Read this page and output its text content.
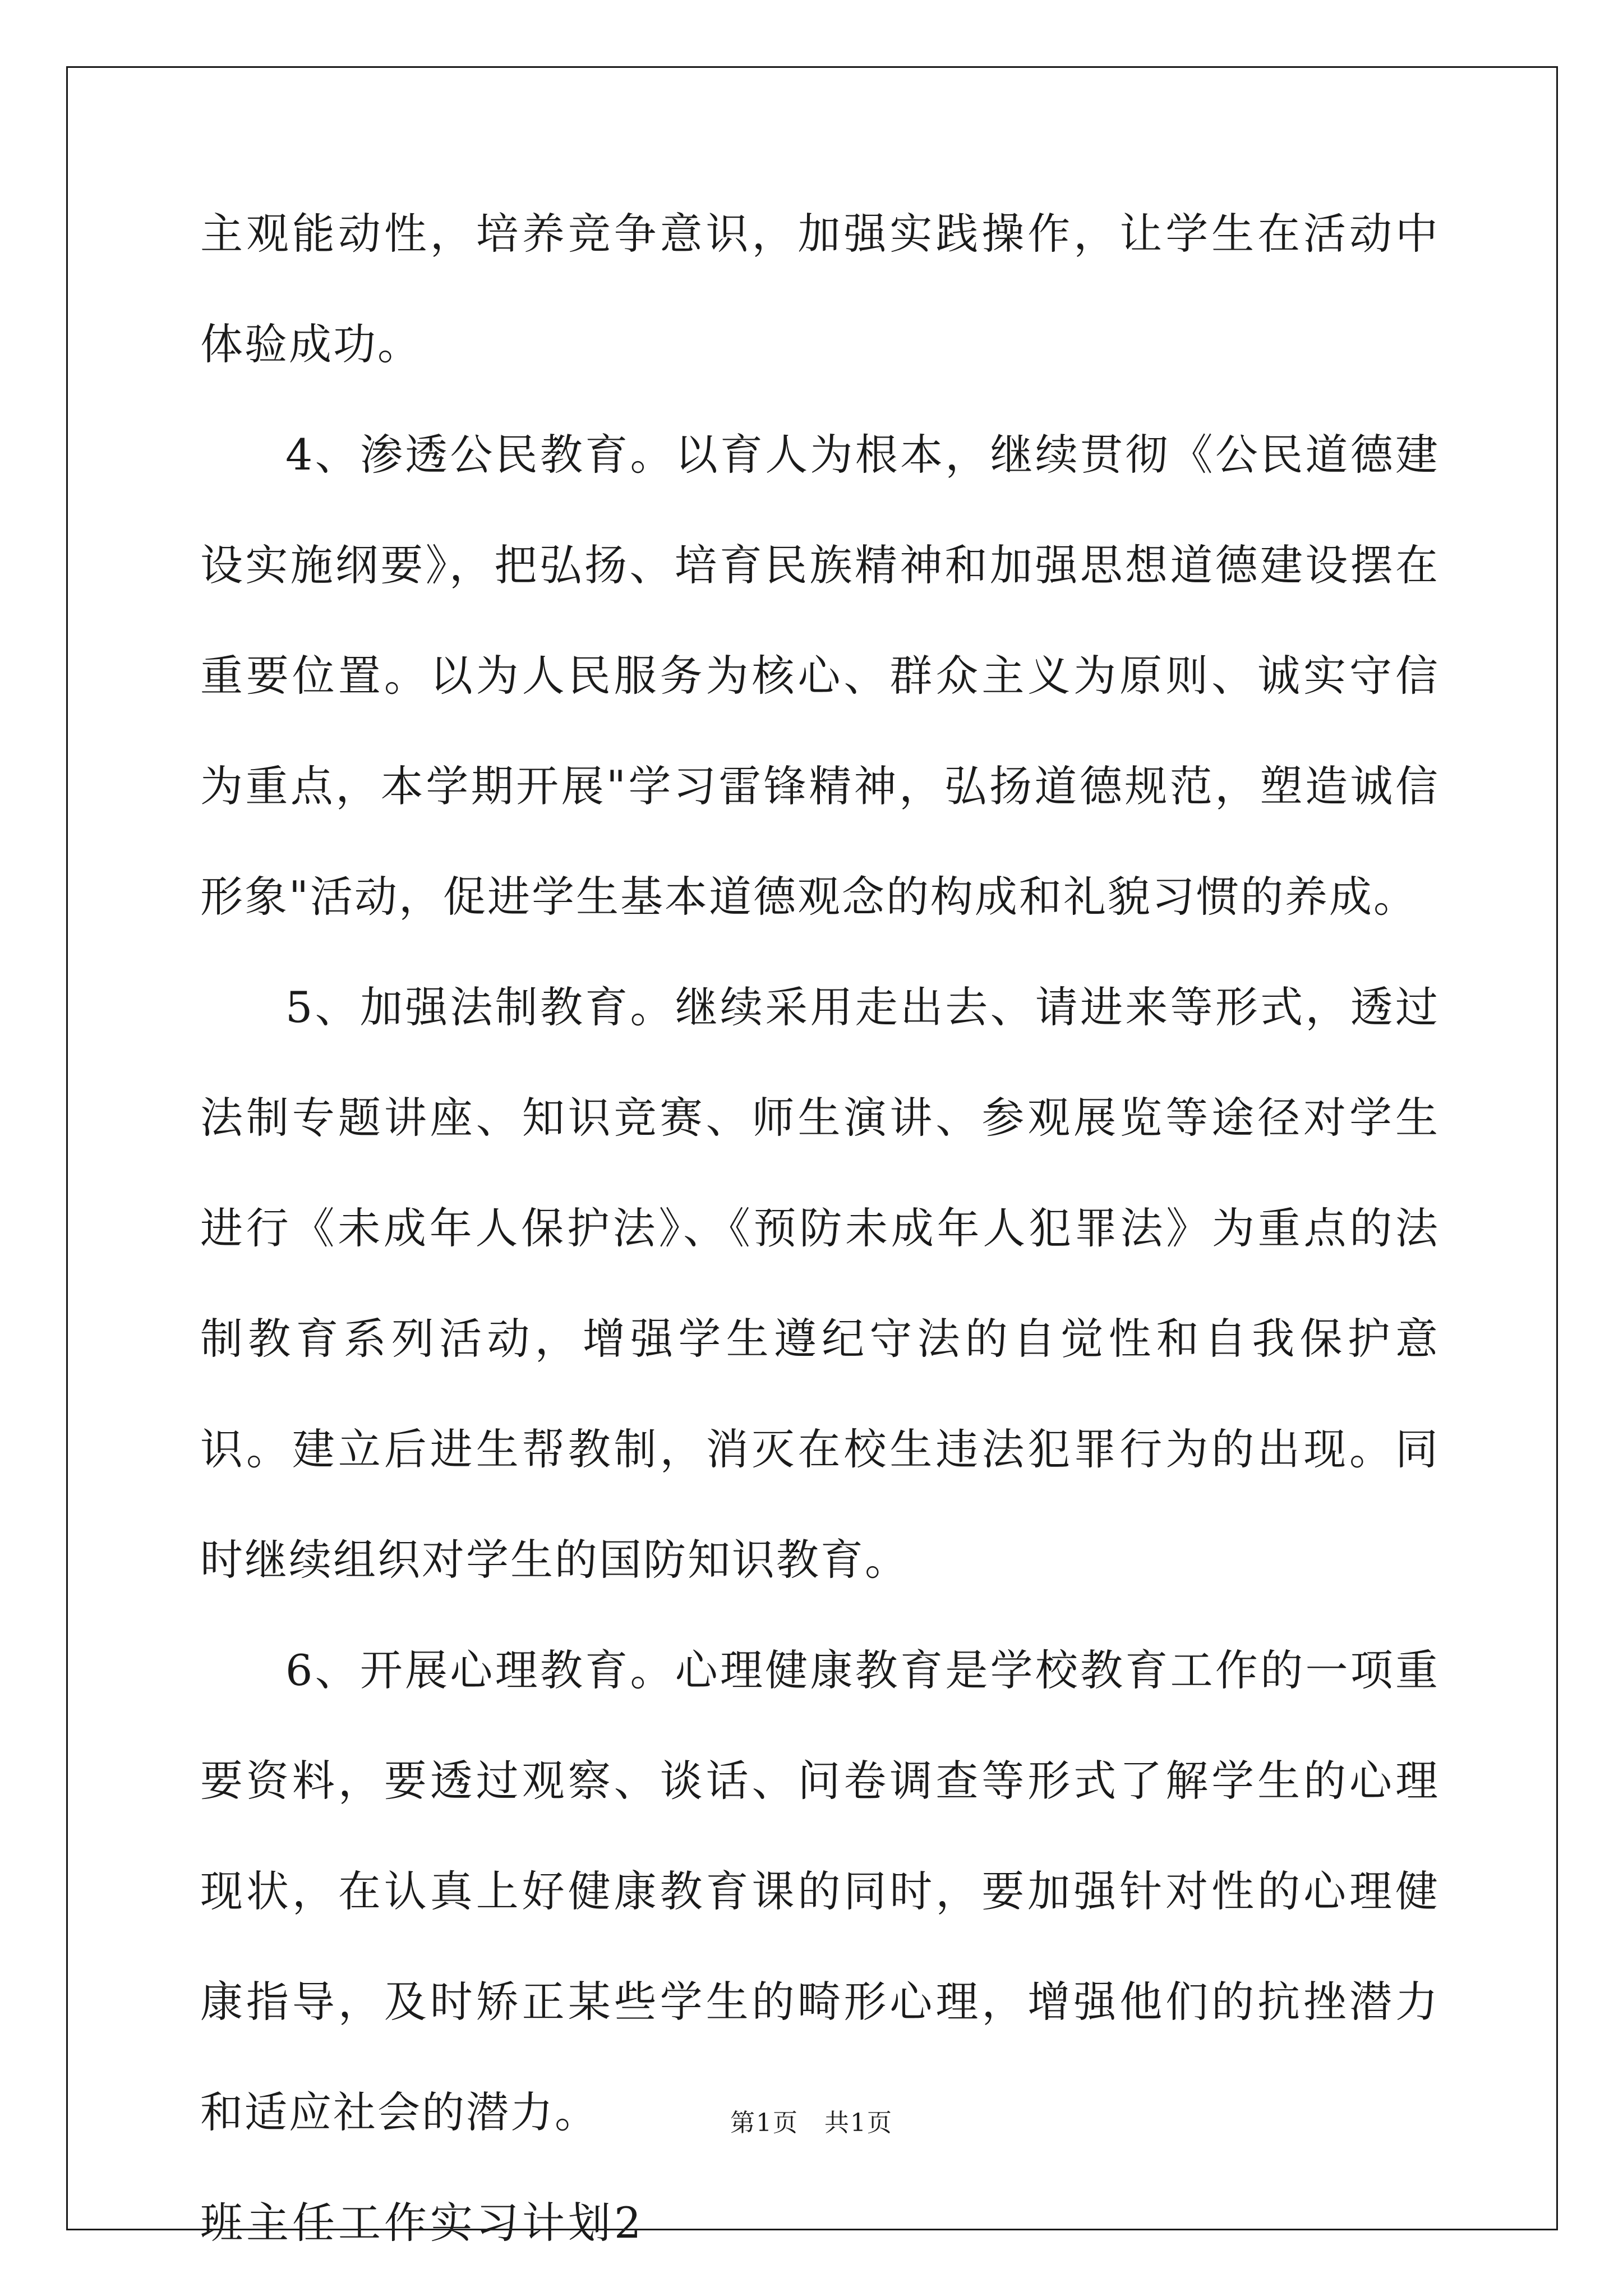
主观能动性，培养竞争意识，加强实践操作，让学生在活动中体验成功。

4、渗透公民教育。以育人为根本，继续贯彻《公民道德建设实施纲要》，把弘扬、培育民族精神和加强思想道德建设摆在重要位置。以为人民服务为核心、群众主义为原则、诚实守信为重点，本学期开展"学习雷锋精神，弘扬道德规范，塑造诚信形象"活动，促进学生基本道德观念的构成和礼貌习惯的养成。

5、加强法制教育。继续采用走出去、请进来等形式，透过法制专题讲座、知识竞赛、师生演讲、参观展览等途径对学生进行《未成年人保护法》、《预防未成年人犯罪法》为重点的法制教育系列活动，增强学生遵纪守法的自觉性和自我保护意识。建立后进生帮教制，消灭在校生违法犯罪行为的出现。同时继续组织对学生的国防知识教育。

6、开展心理教育。心理健康教育是学校教育工作的一项重要资料，要透过观察、谈话、问卷调查等形式了解学生的心理现状，在认真上好健康教育课的同时，要加强针对性的心理健康指导，及时矫正某些学生的畸形心理，增强他们的抗挫潜力和适应社会的潜力。

班主任工作实习计划2

第1页　共1页
